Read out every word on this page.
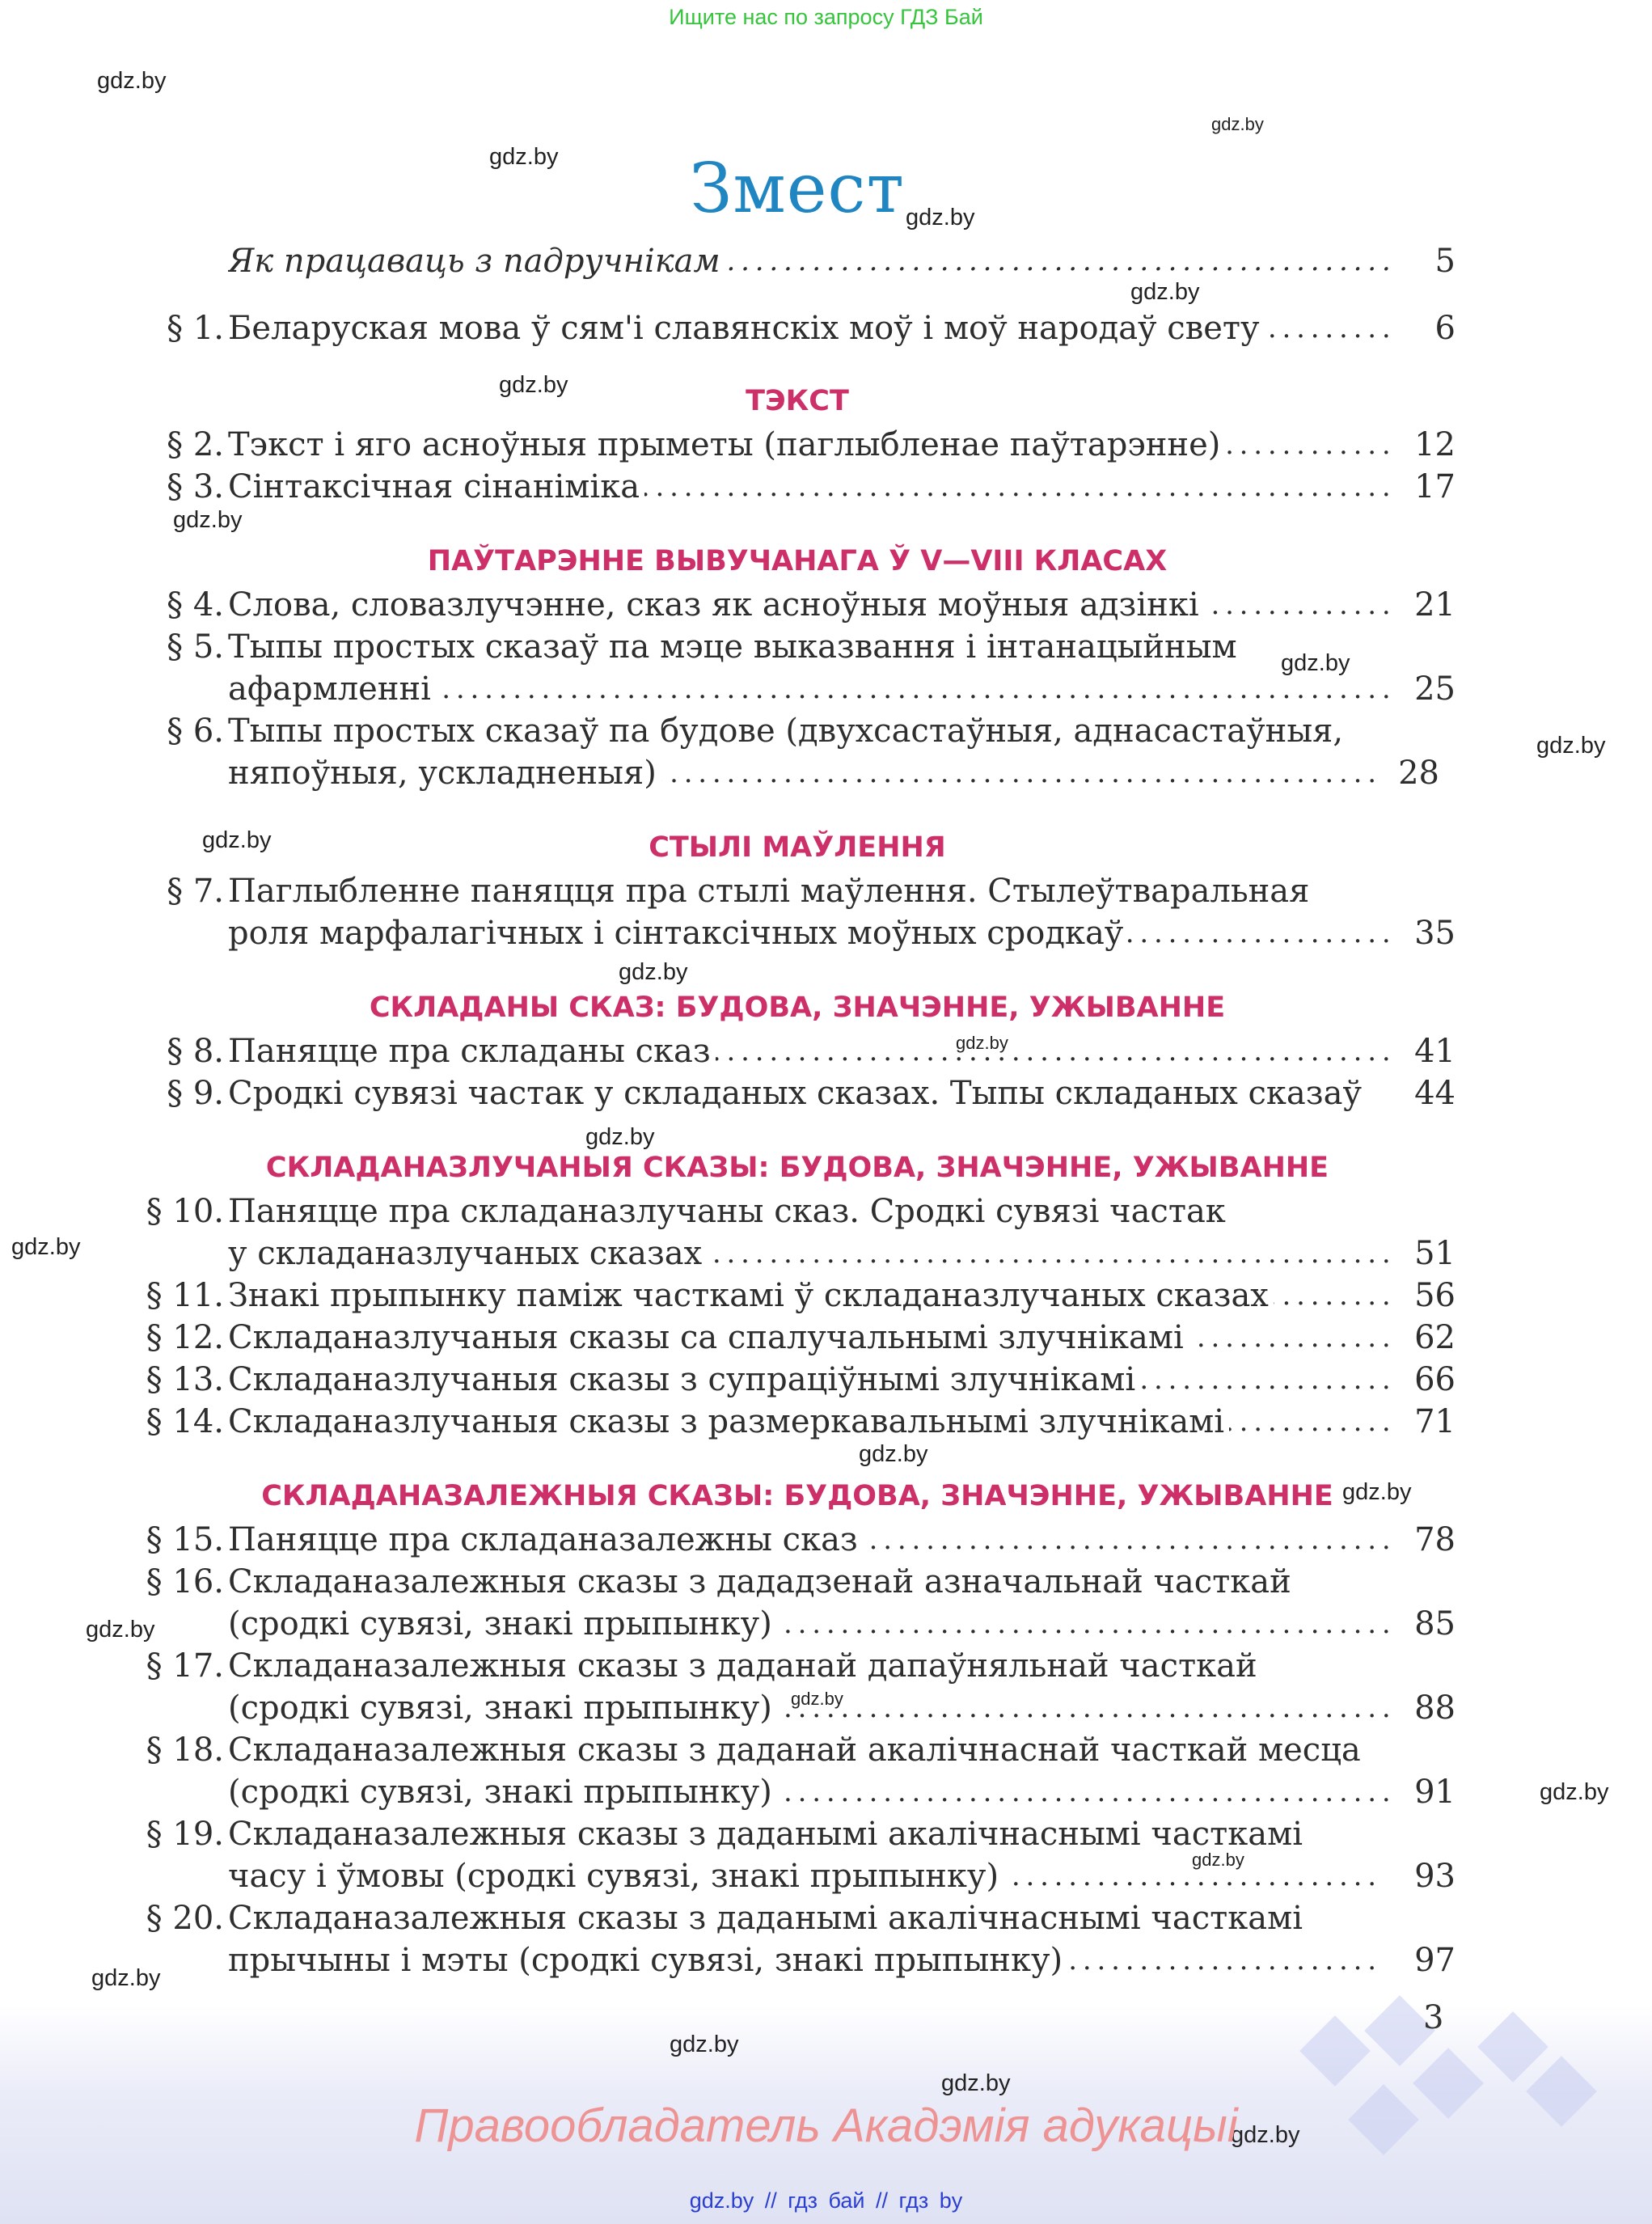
Ищите нас по запросу ГДЗ Бай
gdz.by
gdz.by
gdz.by
gdz.by
gdz.by
gdz.by
gdz.by
gdz.by
gdz.by
gdz.by
gdz.by
gdz.by
gdz.by
gdz.by
gdz.by
gdz.by
gdz.by
gdz.by
gdz.by
gdz.by
gdz.by
Змест
Як працаваць з падручнікам . . .	5
§ 1. Беларуская мова ў сям'і славянскіх моў і моў народаў свету . . .	6
ТЭКСТ
§ 2. Тэкст і яго асноўныя прыметы (паглыбленае паўтарэнне) . . .	12
§ 3. Сінтаксічная сінаніміка . . .	17
ПАЎТАРЭННЕ ВЫВУЧАНАГА Ў V—VIII КЛАСАХ
§ 4. Слова, словазлучэнне, сказ як асноўныя моўныя адзінкі . . .	21
§ 5. Тыпы простых сказаў па мэце выказвання і інтанацыйным
афармленні . . .	25
§ 6. Тыпы простых сказаў па будове (двухсастаўныя, аднасастаўныя,
няпоўныя, ускладненыя) . . .	28
СТЫЛІ МАЎЛЕННЯ
§ 7. Паглыбленне паняцця пра стылі маўлення. Стылеўтваральная
роля марфалагічных і сінтаксічных моўных сродкаў . . .	35
СКЛАДАНЫ СКАЗ: БУДОВА, ЗНАЧЭННЕ, УЖЫВАННЕ
§ 8. Паняцце пра складаны сказ . . .	41
§ 9. Сродкі сувязі частак у складаных сказах. Тыпы складаных сказаў	44
СКЛАДАНАЗЛУЧАНЫЯ СКАЗЫ: БУДОВА, ЗНАЧЭННЕ, УЖЫВАННЕ
§ 10. Паняцце пра складаназлучаны сказ. Сродкі сувязі частак
у складаназлучаных сказах . . .	51
§ 11. Знакі прыпынку паміж часткамі ў складаназлучаных сказах . . .	56
§ 12. Складаназлучаныя сказы са спалучальнымі злучнікамі . . .	62
§ 13. Складаназлучаныя сказы з супраціўнымі злучнікамі . . .	66
§ 14. Складаназлучаныя сказы з размеркавальнымі злучнікамі . . .	71
СКЛАДАНАЗАЛЕЖНЫЯ СКАЗЫ: БУДОВА, ЗНАЧЭННЕ, УЖЫВАННЕ
§ 15. Паняцце пра складаназалежны сказ . . .	78
§ 16. Складаназалежныя сказы з дададзенай азначальнай часткай
(сродкі сувязі, знакі прыпынку) . . .	85
§ 17. Складаназалежныя сказы з даданай дапаўняльнай часткай
(сродкі сувязі, знакі прыпынку) . . .	88
§ 18. Складаназалежныя сказы з даданай акалічнаснай часткай месца
(сродкі сувязі, знакі прыпынку) . . .	91
§ 19. Складаназалежныя сказы з даданымі акалічнаснымі часткамі
часу і ўмовы (сродкі сувязі, знакі прыпынку) . . .	93
§ 20. Складаназалежныя сказы з даданымі акалічнаснымі часткамі
прычыны і мэты (сродкі сувязі, знакі прыпынку) . . .	97
3
gdz.by
gdz.by
gdz.by
Правообладатель Акадэмія адукацыі
gdz.by // гдз бай // гдз by
